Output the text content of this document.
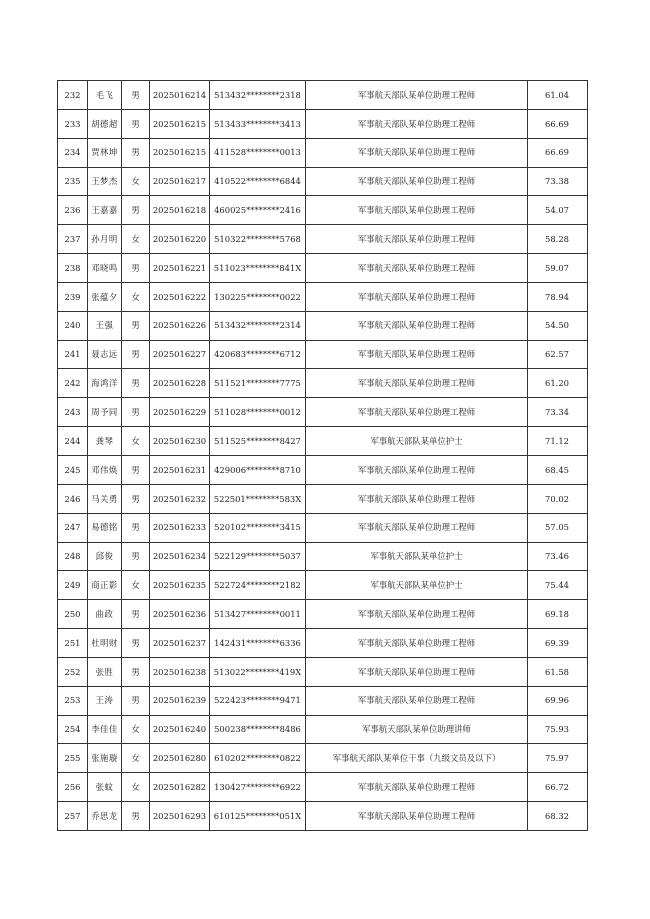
232	毛飞	男	2025016214	513432********2318	军事航天部队某单位助理工程师	61.04
233	胡德超	男	2025016215	513433********3413	军事航天部队某单位助理工程师	66.69
234	贾林坤	男	2025016215	411528********0013	军事航天部队某单位助理工程师	66.69
235	王梦杰	女	2025016217	410522********6844	军事航天部队某单位助理工程师	73.38
236	王嘉嘉	男	2025016218	460025********2416	军事航天部队某单位助理工程师	54.07
237	孙月明	女	2025016220	510322********5768	军事航天部队某单位助理工程师	58.28
238	邓晓鸣	男	2025016221	511023********841X	军事航天部队某单位助理工程师	59.07
239	张蕴夕	女	2025016222	130225********0022	军事航天部队某单位助理工程师	78.94
240	王强	男	2025016226	513432********2314	军事航天部队某单位助理工程师	54.50
241	聂志远	男	2025016227	420683********6712	军事航天部队某单位助理工程师	62.57
242	海鸿洋	男	2025016228	511521********7775	军事航天部队某单位助理工程师	61.20
243	周予同	男	2025016229	511028********0012	军事航天部队某单位助理工程师	73.34
244	龚琴	女	2025016230	511525********8427	军事航天部队某单位护士	71.12
245	邓伟焕	男	2025016231	429006********8710	军事航天部队某单位助理工程师	68.45
246	马关勇	男	2025016232	522501********583X	军事航天部队某单位助理工程师	70.02
247	易德铭	男	2025016233	520102********3415	军事航天部队某单位助理工程师	57.05
248	邱俊	男	2025016234	522129********5037	军事航天部队某单位护士	73.46
249	商正影	女	2025016235	522724********2182	军事航天部队某单位护士	75.44
250	曲政	男	2025016236	513427********0011	军事航天部队某单位助理工程师	69.18
251	杜明财	男	2025016237	142431********6336	军事航天部队某单位助理工程师	69.39
252	张胜	男	2025016238	513022********419X	军事航天部队某单位助理工程师	61.58
253	王涛	男	2025016239	522423********9471	军事航天部队某单位助理工程师	69.96
254	李佳佳	女	2025016240	500238********8486	军事航天部队某单位助理讲师	75.93
255	张施璇	女	2025016280	610202********0822	军事航天部队某单位干事（九级文员及以下）	75.97
256	张蚊	女	2025016282	130427********6922	军事航天部队某单位助理工程师	66.72
257	乔思龙	男	2025016293	610125********051X	军事航天部队某单位助理工程师	68.32
